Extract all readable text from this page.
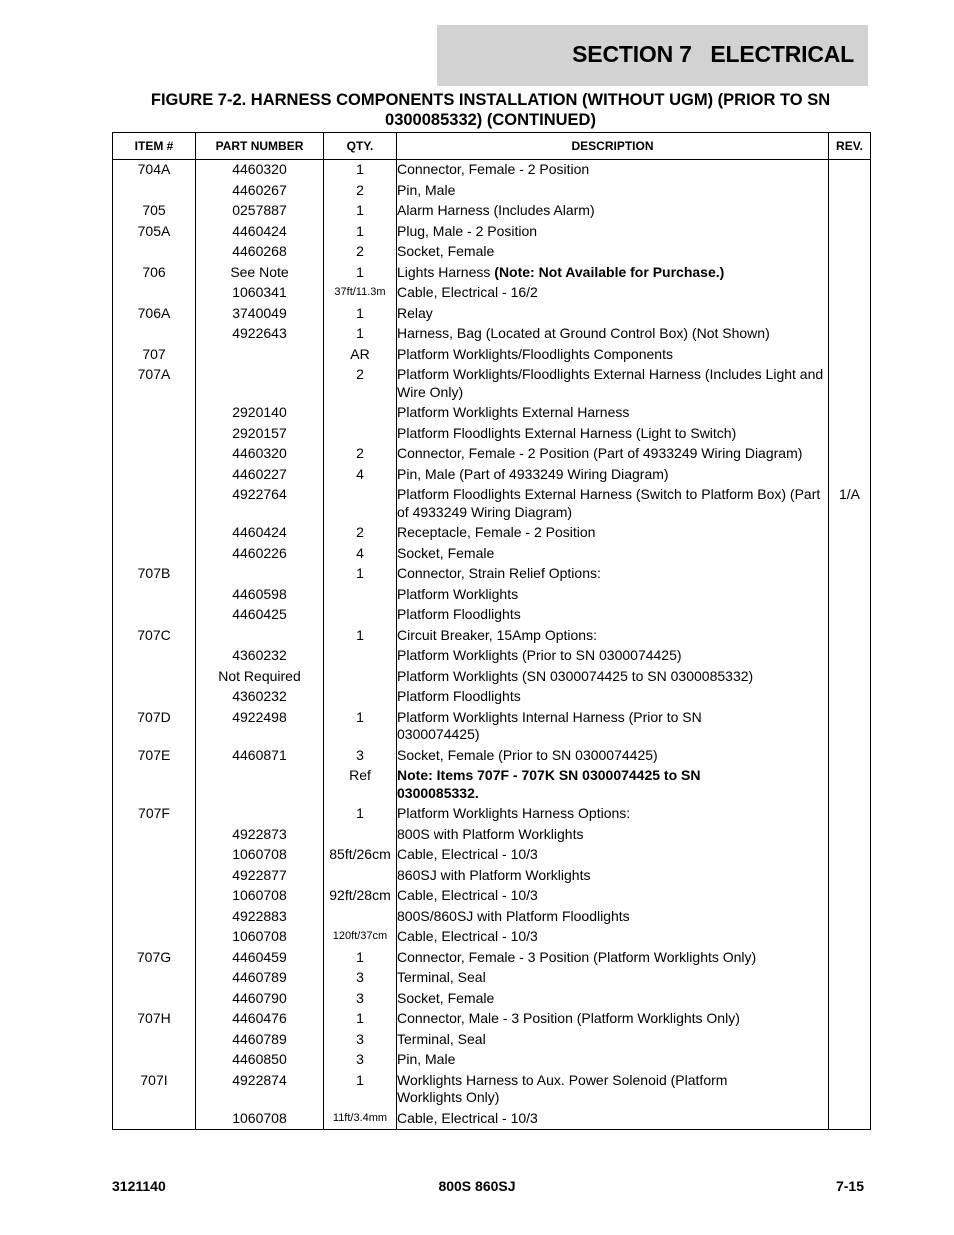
SECTION 7   ELECTRICAL
FIGURE 7-2. HARNESS COMPONENTS INSTALLATION (WITHOUT UGM) (PRIOR TO SN 0300085332) (CONTINUED)
ITEM #	PART NUMBER	QTY.	DESCRIPTION	REV.
704A	4460320	1	Connector, Female - 2 Position	
	4460267	2	Pin, Male	
705	0257887	1	Alarm Harness (Includes Alarm)	
705A	4460424	1	Plug, Male - 2 Position	
	4460268	2	Socket, Female	
706	See Note	1	Lights Harness (Note: Not Available for Purchase.)	
	1060341	37ft/11.3m	Cable, Electrical - 16/2	
706A	3740049	1	Relay	
	4922643	1	Harness, Bag (Located at Ground Control Box) (Not Shown)	
707		AR	Platform Worklights/Floodlights Components	
707A		2	Platform Worklights/Floodlights External Harness (Includes Light and Wire Only)	
	2920140		Platform Worklights External Harness	
	2920157		Platform Floodlights External Harness (Light to Switch)	
	4460320	2	Connector, Female - 2 Position (Part of 4933249 Wiring Diagram)	
	4460227	4	Pin, Male (Part of 4933249 Wiring Diagram)	
	4922764		Platform Floodlights External Harness (Switch to Platform Box) (Part of 4933249 Wiring Diagram)	1/A
	4460424	2	Receptacle, Female - 2 Position	
	4460226	4	Socket, Female	
707B		1	Connector, Strain Relief Options:	
	4460598		Platform Worklights	
	4460425		Platform Floodlights	
707C		1	Circuit Breaker, 15Amp Options:	
	4360232		Platform Worklights (Prior to SN 0300074425)	
	Not Required		Platform Worklights (SN 0300074425 to SN 0300085332)	
	4360232		Platform Floodlights	
707D	4922498	1	Platform Worklights Internal Harness (Prior to SN 0300074425)	
707E	4460871	3	Socket, Female (Prior to SN 0300074425)	
		Ref	Note: Items 707F - 707K SN 0300074425 to SN 0300085332.	
707F		1	Platform Worklights Harness Options:	
	4922873		800S with Platform Worklights	
	1060708	85ft/26cm	Cable, Electrical - 10/3	
	4922877		860SJ with Platform Worklights	
	1060708	92ft/28cm	Cable, Electrical - 10/3	
	4922883		800S/860SJ with Platform Floodlights	
	1060708	120ft/37cm	Cable, Electrical - 10/3	
707G	4460459	1	Connector, Female - 3 Position (Platform Worklights Only)	
	4460789	3	Terminal, Seal	
	4460790	3	Socket, Female	
707H	4460476	1	Connector, Male - 3 Position (Platform Worklights Only)	
	4460789	3	Terminal, Seal	
	4460850	3	Pin, Male	
707I	4922874	1	Worklights Harness to Aux. Power Solenoid (Platform Worklights Only)	
	1060708	11ft/3.4mm	Cable, Electrical - 10/3	
3121140	800S 860SJ	7-15
